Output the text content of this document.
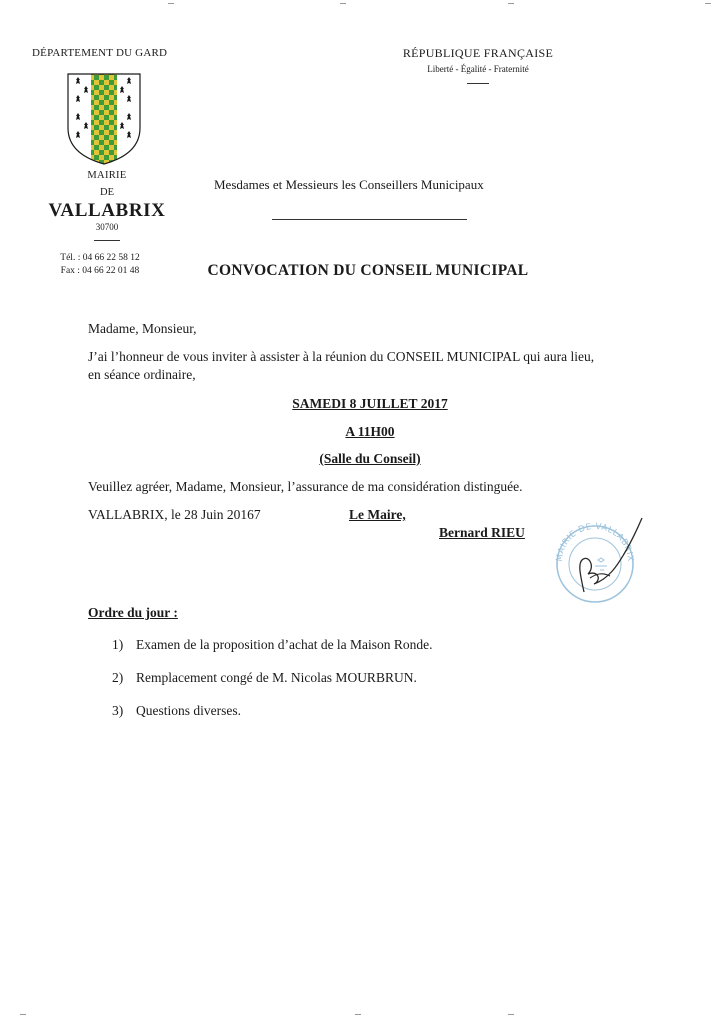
DÉPARTEMENT DU GARD	RÉPUBLIQUE FRANÇAISE
Liberté - Égalité - Fraternité
MAIRIE
DE
VALLABRIX
30700
Tél. : 04 66 22 58 12
Fax : 04 66 22 01 48
Mesdames et Messieurs les Conseillers Municipaux
CONVOCATION DU CONSEIL MUNICIPAL
Madame, Monsieur,
J’ai l’honneur de vous inviter à assister à la réunion du CONSEIL MUNICIPAL qui aura lieu,
en séance ordinaire,
SAMEDI 8 JUILLET 2017
A 11H00
(Salle du Conseil)
Veuillez agréer, Madame, Monsieur, l’assurance de ma considération distinguée.
VALLABRIX, le 28 Juin 20167	Le Maire,
Bernard RIEU
MAIRIE DE VALLABRIX
Ordre du jour :
1) Examen de la proposition d’achat de la Maison Ronde.
2) Remplacement congé de M. Nicolas MOURBRUN.
3) Questions diverses.
